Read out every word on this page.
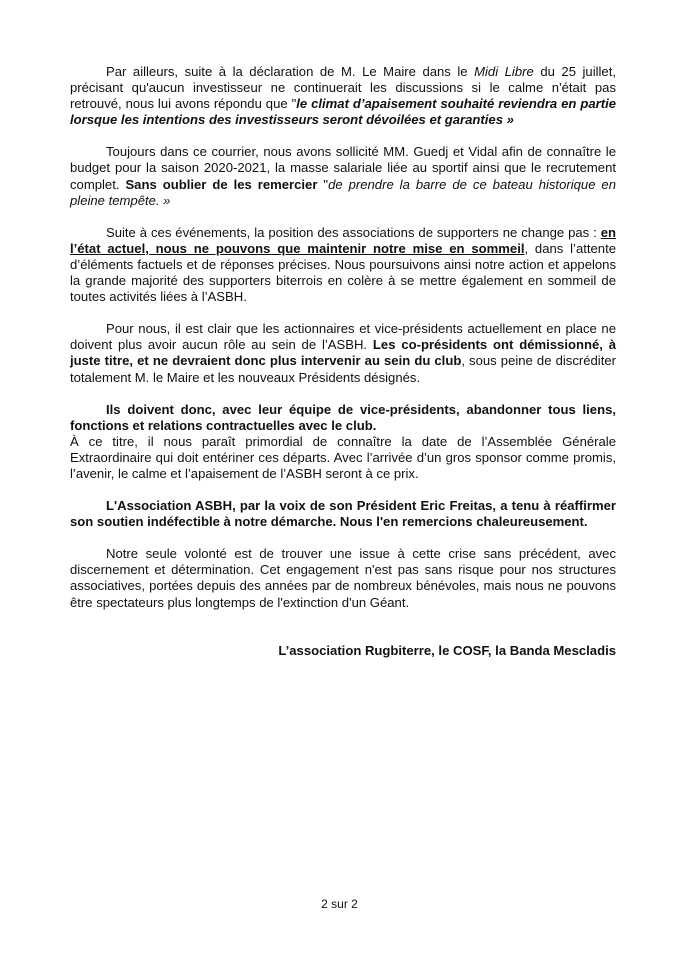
Par ailleurs, suite à la déclaration de M. Le Maire dans le Midi Libre du 25 juillet, précisant qu'aucun investisseur ne continuerait les discussions si le calme n'était pas retrouvé, nous lui avons répondu que "le climat d’apaisement souhaité reviendra en partie lorsque les intentions des investisseurs seront dévoilées et garanties »

Toujours dans ce courrier, nous avons sollicité MM. Guedj et Vidal afin de connaître le budget pour la saison 2020-2021, la masse salariale liée au sportif ainsi que le recrutement complet. Sans oublier de les remercier "de prendre la barre de ce bateau historique en pleine tempête. »

Suite à ces événements, la position des associations de supporters ne change pas : en l’état actuel, nous ne pouvons que maintenir notre mise en sommeil, dans l’attente d’éléments factuels et de réponses précises. Nous poursuivons ainsi notre action et appelons la grande majorité des supporters biterrois en colère à se mettre également en sommeil de toutes activités liées à l’ASBH.

Pour nous, il est clair que les actionnaires et vice-présidents actuellement en place ne doivent plus avoir aucun rôle au sein de l’ASBH. Les co-présidents ont démissionné, à juste titre, et ne devraient donc plus intervenir au sein du club, sous peine de discréditer totalement M. le Maire et les nouveaux Présidents désignés.

Ils doivent donc, avec leur équipe de vice-présidents, abandonner tous liens, fonctions et relations contractuelles avec le club.

À ce titre, il nous paraît primordial de connaître la date de l’Assemblée Générale Extraordinaire qui doit entériner ces départs. Avec l’arrivée d’un gros sponsor comme promis, l’avenir, le calme et l’apaisement de l’ASBH seront à ce prix.

L'Association ASBH, par la voix de son Président Eric Freitas, a tenu à réaffirmer son soutien indéfectible à notre démarche. Nous l'en remercions chaleureusement.

Notre seule volonté est de trouver une issue à cette crise sans précédent, avec discernement et détermination. Cet engagement n'est pas sans risque pour nos structures associatives, portées depuis des années par de nombreux bénévoles, mais nous ne pouvons être spectateurs plus longtemps de l'extinction d'un Géant.

L’association Rugbiterre, le COSF, la Banda Mescladis

2 sur 2
